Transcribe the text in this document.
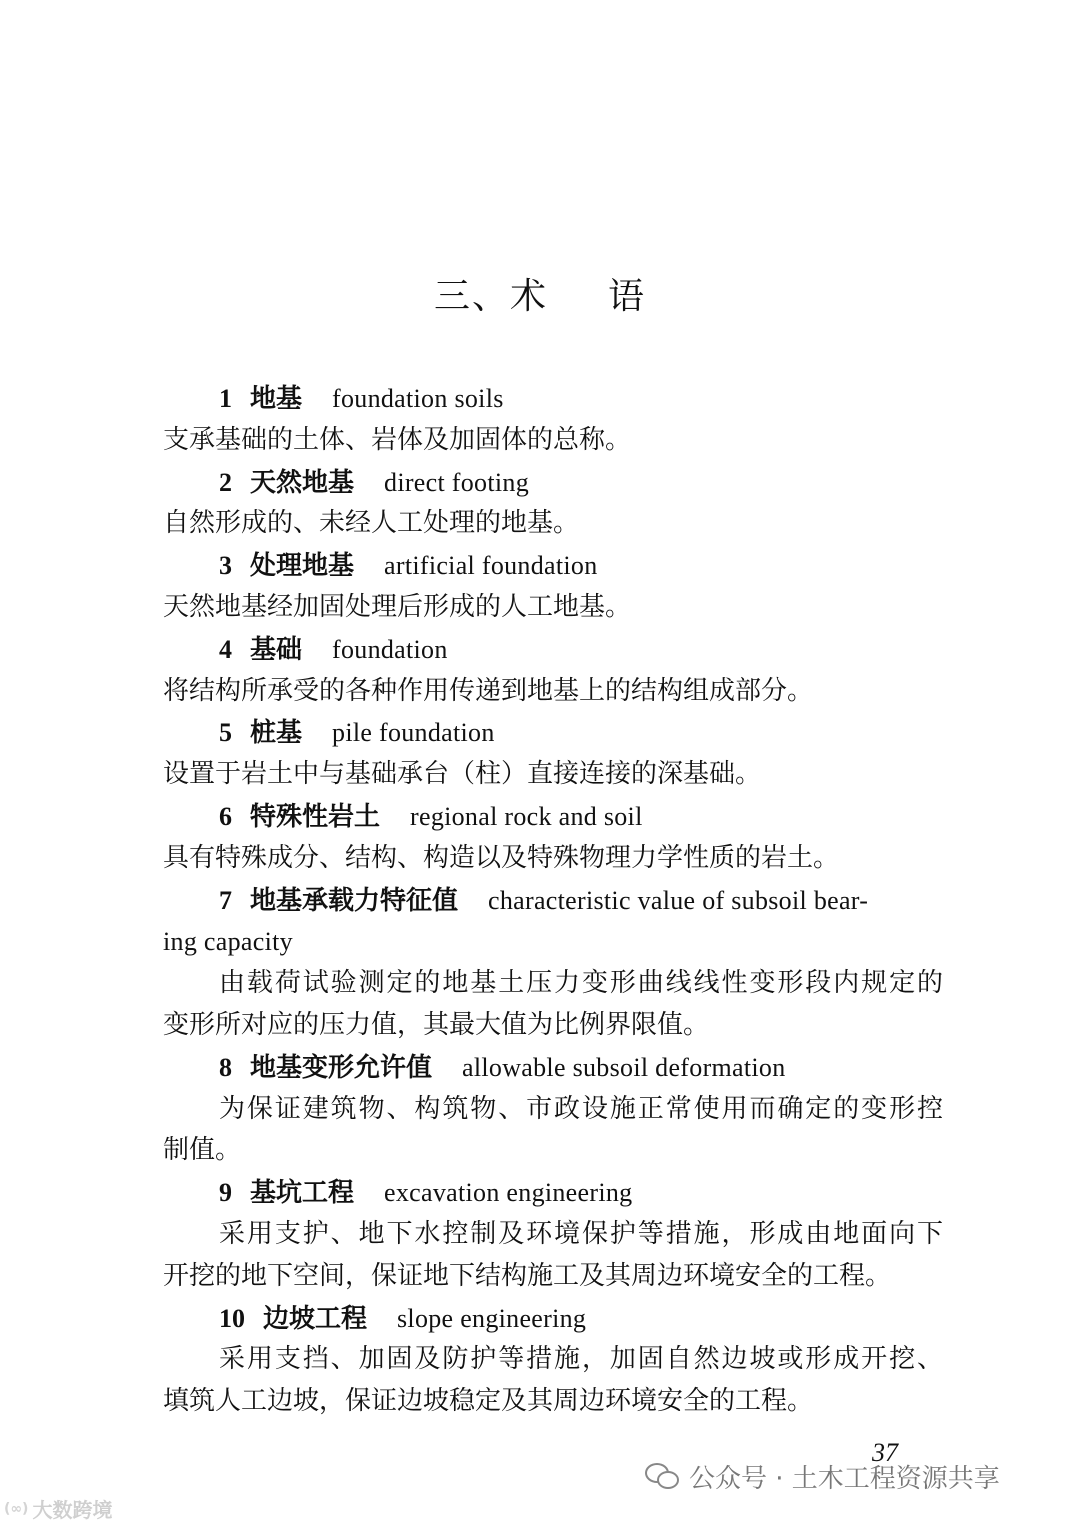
三、术 语
1 地基 foundation soils
支承基础的土体、岩体及加固体的总称。
2 天然地基 direct footing
自然形成的、未经人工处理的地基。
3 处理地基 artificial foundation
天然地基经加固处理后形成的人工地基。
4 基础 foundation
将结构所承受的各种作用传递到地基上的结构组成部分。
5 桩基 pile foundation
设置于岩土中与基础承台（柱）直接连接的深基础。
6 特殊性岩土 regional rock and soil
具有特殊成分、结构、构造以及特殊物理力学性质的岩土。
7 地基承载力特征值 characteristic value of subsoil bear-
ing capacity
由载荷试验测定的地基土压力变形曲线线性变形段内规定的
变形所对应的压力值，其最大值为比例界限值。
8 地基变形允许值 allowable subsoil deformation
为保证建筑物、构筑物、市政设施正常使用而确定的变形控
制值。
9 基坑工程 excavation engineering
采用支护、地下水控制及环境保护等措施，形成由地面向下
开挖的地下空间，保证地下结构施工及其周边环境安全的工程。
10 边坡工程 slope engineering
采用支挡、加固及防护等措施，加固自然边坡或形成开挖、
填筑人工边坡，保证边坡稳定及其周边环境安全的工程。
37
公众号 · 土木工程资源共享
(∞) 大数跨境
